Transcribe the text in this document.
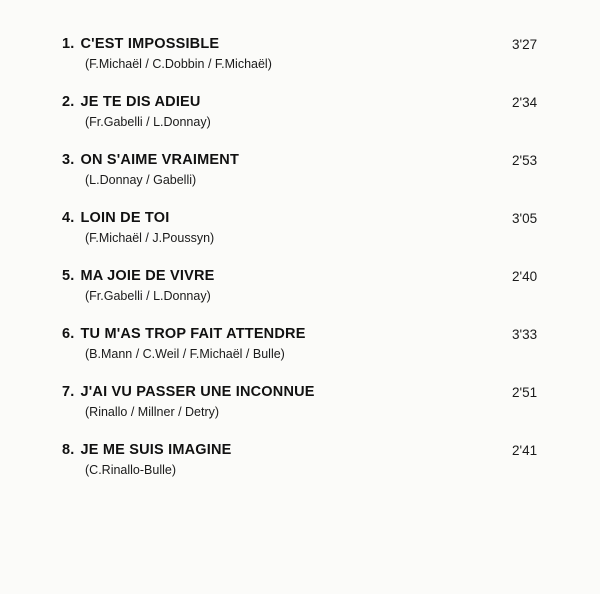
1. C'EST IMPOSSIBLE
(F.Michaël / C.Dobbin / F.Michaël)
3'27
2. JE TE DIS ADIEU
(Fr.Gabelli / L.Donnay)
2'34
3. ON S'AIME VRAIMENT
(L.Donnay / Gabelli)
2'53
4. LOIN DE TOI
(F.Michaël / J.Poussyn)
3'05
5. MA JOIE DE VIVRE
(Fr.Gabelli / L.Donnay)
2'40
6. TU M'AS TROP FAIT ATTENDRE
(B.Mann / C.Weil / F.Michaël / Bulle)
3'33
7. J'AI VU PASSER UNE INCONNUE
(Rinallo / Millner / Detry)
2'51
8. JE ME SUIS IMAGINE
(C.Rinallo-Bulle)
2'41
